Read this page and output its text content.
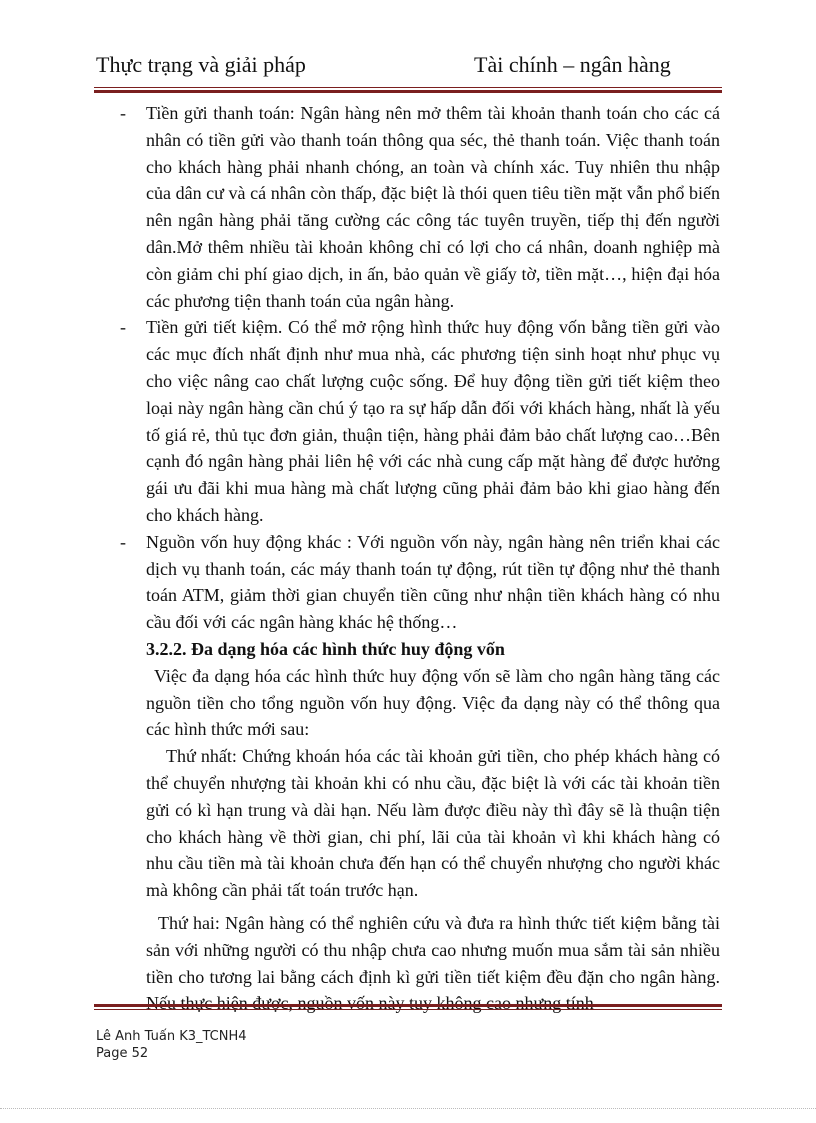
Thực trạng và giải pháp	Tài chính – ngân hàng

- Tiền gửi thanh toán: Ngân hàng nên mở thêm tài khoản thanh toán cho các cá nhân có tiền gửi vào thanh toán thông qua séc, thẻ thanh toán. Việc thanh toán cho khách hàng phải nhanh chóng, an toàn và chính xác. Tuy nhiên thu nhập của dân cư và cá nhân còn thấp, đặc biệt là thói quen tiêu tiền mặt vẫn phổ biến nên ngân hàng phải tăng cường các công tác tuyên truyền, tiếp thị đến người dân.Mở thêm nhiều tài khoản không chỉ có lợi cho cá nhân, doanh nghiệp mà còn giảm chi phí giao dịch, in ấn, bảo quản về giấy tờ, tiền mặt…, hiện đại hóa các phương tiện thanh toán của ngân hàng.

- Tiền gửi tiết kiệm. Có thể mở rộng hình thức huy động vốn bằng tiền gửi vào các mục đích nhất định như mua nhà, các phương tiện sinh hoạt như phục vụ cho việc nâng cao chất lượng cuộc sống. Để huy động tiền gửi tiết kiệm theo loại này ngân hàng cần chú ý tạo ra sự hấp dẫn đối với khách hàng, nhất là yếu tố giá rẻ, thủ tục đơn giản, thuận tiện, hàng phải đảm bảo chất lượng cao…Bên cạnh đó ngân hàng phải liên hệ với các nhà cung cấp mặt hàng để được hưởng gái ưu đãi khi mua hàng mà chất lượng cũng phải đảm bảo khi giao hàng đến cho khách hàng.

- Nguồn vốn huy động khác : Với nguồn vốn này, ngân hàng nên triển khai các dịch vụ thanh toán, các máy thanh toán tự động, rút tiền tự động như thẻ thanh toán ATM, giảm thời gian chuyển tiền cũng như nhận tiền khách hàng có nhu cầu đối với các ngân hàng khác hệ thống…

3.2.2. Đa dạng hóa các hình thức huy động vốn

Việc đa dạng hóa các hình thức huy động vốn sẽ làm cho ngân hàng tăng các nguồn tiền cho tổng nguồn vốn huy động. Việc đa dạng này có thể thông qua các hình thức mới sau:

Thứ nhất: Chứng khoán hóa các tài khoản gửi tiền, cho phép khách hàng có thể chuyển nhượng tài khoản khi có nhu cầu, đặc biệt là với các tài khoản tiền gửi có kì hạn trung và dài hạn. Nếu làm được điều này thì đây sẽ là thuận tiện cho khách hàng về thời gian, chi phí, lãi của tài khoản vì khi khách hàng có nhu cầu tiền mà tài khoản chưa đến hạn có thể chuyển nhượng cho người khác mà không cần phải tất toán trước hạn.

Thứ hai: Ngân hàng có thể nghiên cứu và đưa ra hình thức tiết kiệm bằng tài sản với những người có thu nhập chưa cao nhưng muốn mua sắm tài sản nhiều tiền cho tương lai bằng cách định kì gửi tiền tiết kiệm đều đặn cho ngân hàng.

Lê Anh Tuấn K3_TCNH4
Page 52
